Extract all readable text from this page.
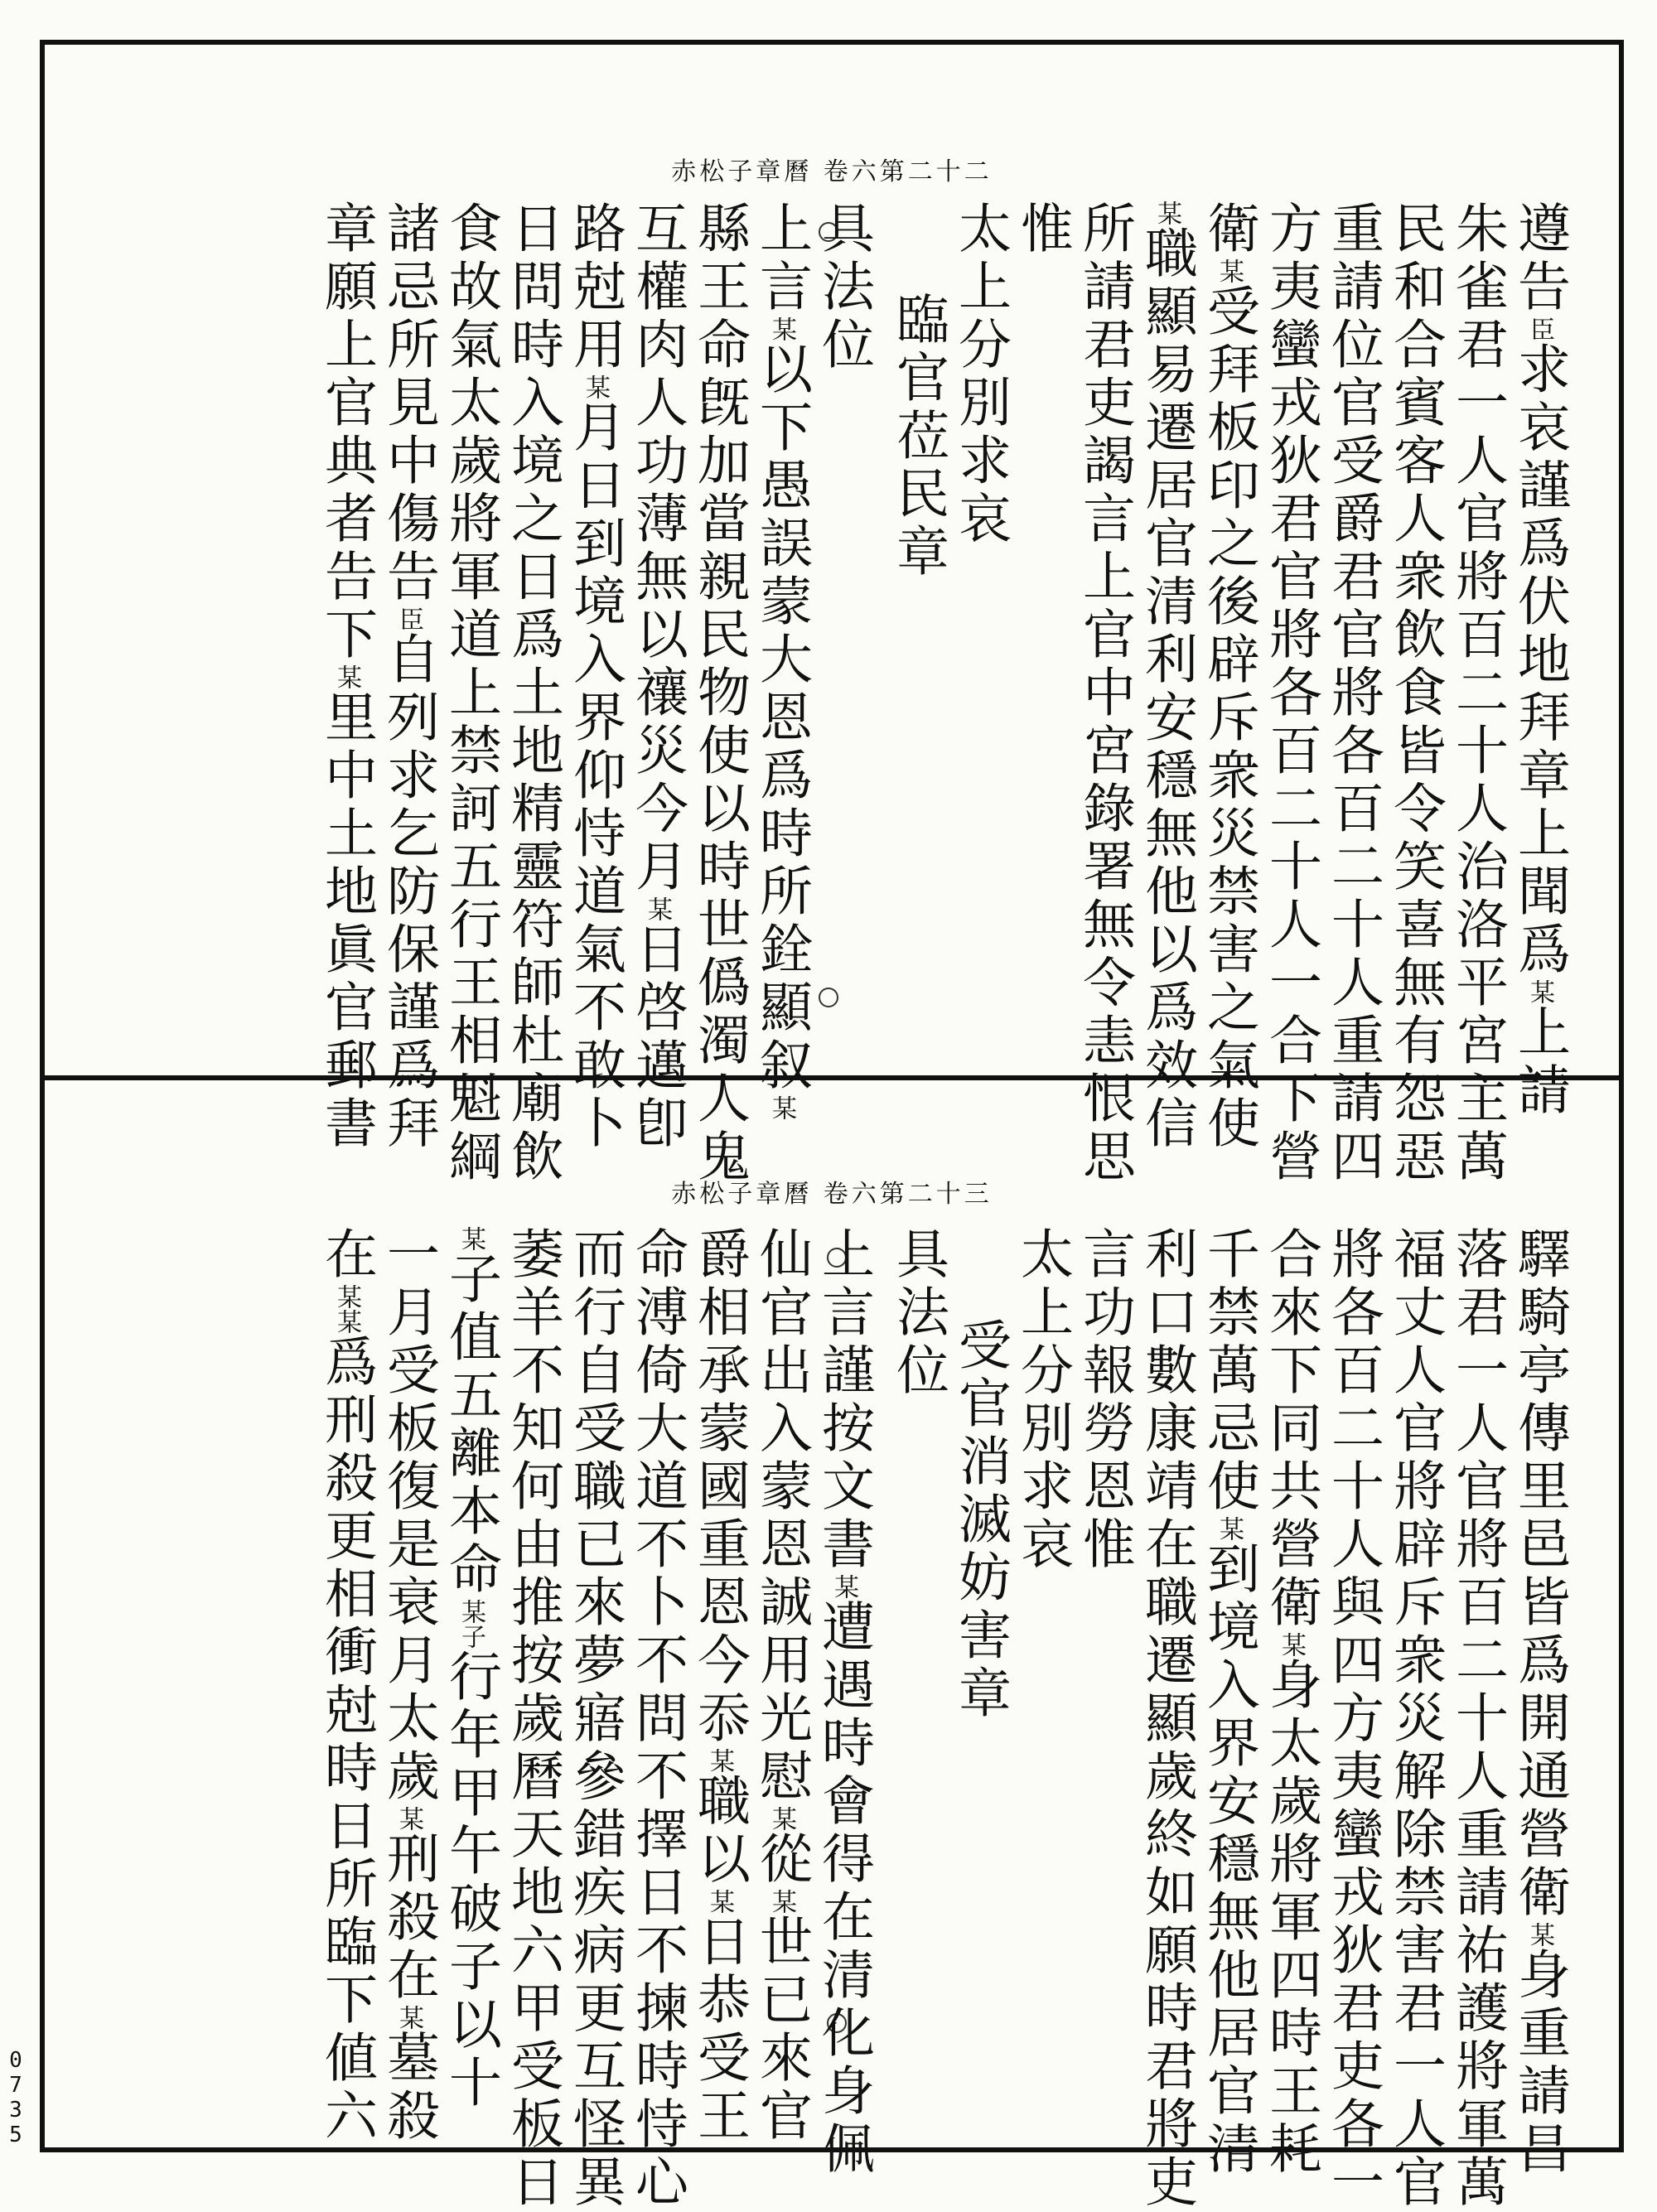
赤松子章曆 卷六第二十二
遵告臣求哀謹爲伏地拜章上聞爲某上請
朱雀君一人官將百二十人治洛平宮主萬
民和合賓客人衆飲食皆令笑喜無有怨惡
重請位官受爵君官將各百二十人重請四
方夷蠻戎狄君官將各百二十人一合下營
衛某受拜板印之後辟斥衆災禁害之氣使
某職顯易遷居官清利安穩無他以爲效信
所請君吏謁言上官中宮錄署無令恚恨思
惟
太上分別求哀
臨官莅民章
具法位
上言某以下愚誤蒙大恩爲時所銓顯叙某
縣王命旣加當親民物使以時世僞濁人鬼
互權肉人功薄無以禳災今月某日啓邁卽
路尅用某月日到境入界仰恃道氣不敢卜
日問時入境之日爲土地精靈符師杜廟飲
食故氣太歲將軍道上禁訶五行王相魁綱
諸忌所見中傷告臣自列求乞防保謹爲拜
章願上官典者告下某里中土地眞官郵書
赤松子章曆 卷六第二十三
驛騎亭傳里邑皆爲開通營衛某身重請昌
落君一人官將百二十人重請祐護將軍萬
福丈人官將辟斥衆災解除禁害君一人官
將各百二十人與四方夷蠻戎狄君吏各一
合來下同共營衛某身太歲將軍四時王耗
千禁萬忌使某到境入界安穩無他居官清
利口數康靖在職遷顯歲終如願時君將吏
言功報勞恩惟
太上分別求哀
受官消滅妨害章
具法位
上言謹按文書某遭遇時會得在清化身佩
仙官出入蒙恩誠用光慰某從某世已來官
爵相承蒙國重恩今忝某職以某日恭受王
命溥倚大道不卜不問不擇日不揀時恃心
而行自受職已來夢寤參錯疾病更互怪異
萎羊不知何由推按歲曆天地六甲受板日
某子值五離本命某子行年甲午破子以十
一月受板復是衰月太歲某刑殺在某墓殺
在某某爲刑殺更相衝尅時日所臨下値六
0
7
3
5
